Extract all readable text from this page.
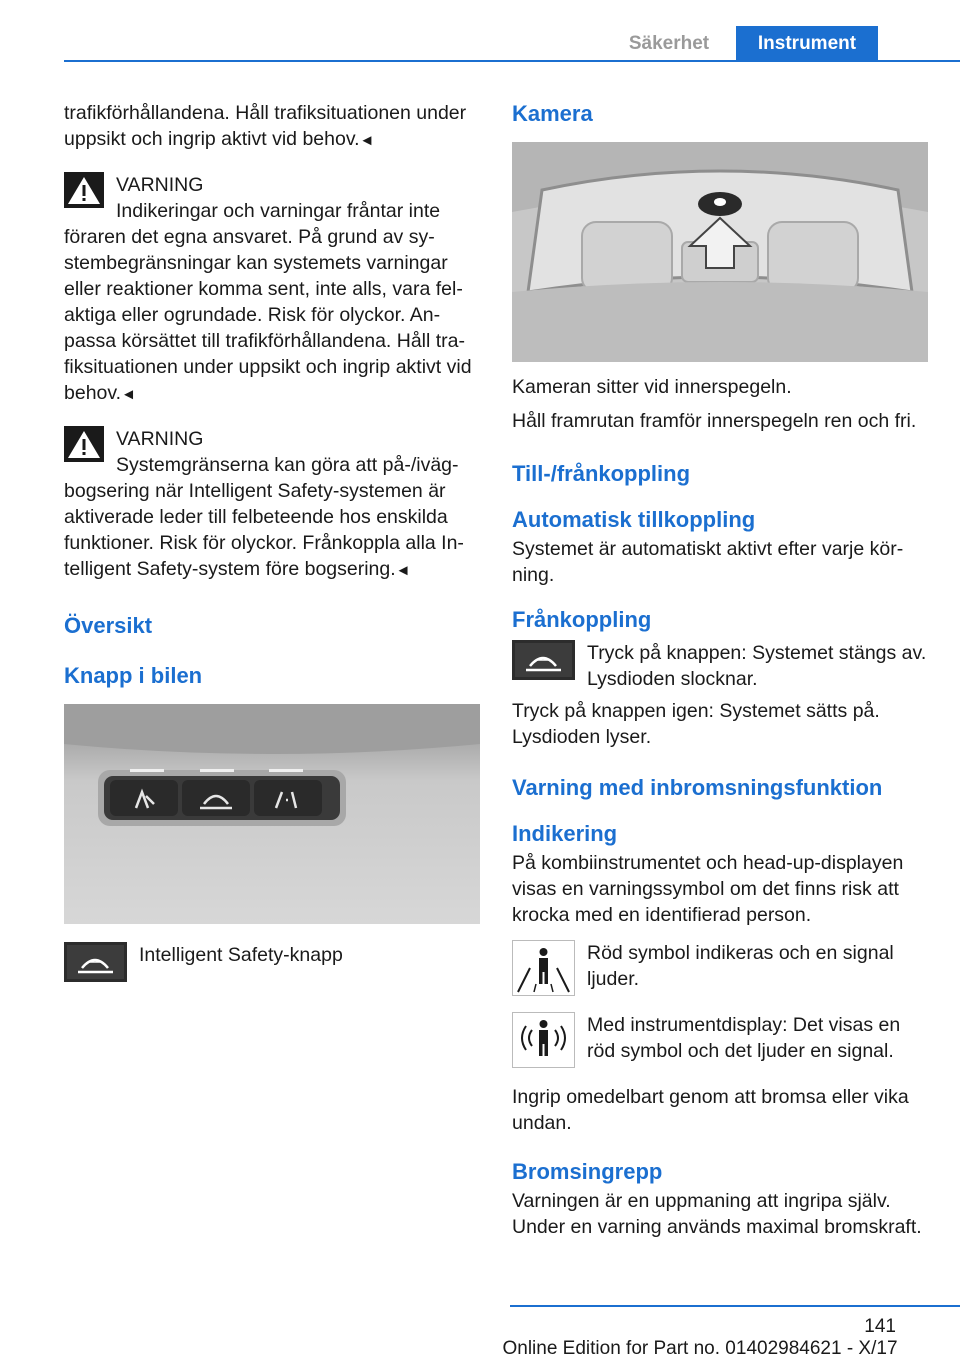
Säkerhet	Instrument

trafikförhållandena. Håll trafiksituationen under uppsikt och ingrip aktivt vid behov.◄

VARNING
Indikeringar och varningar fråntar inte föraren det egna ansvaret. På grund av sy-stembegränsningar kan systemets varningar eller reaktioner komma sent, inte alls, vara fel-aktiga eller ogrundade. Risk för olyckor. An-passa körsättet till trafikförhållandena. Håll tra-fiksituationen under uppsikt och ingrip aktivt vid behov.◄
VARNING
Systemgränserna kan göra att på-/iväg-bogsering när Intelligent Safety-systemen är aktiverade leder till felbeteende hos enskilda funktioner. Risk för olyckor. Frånkoppla alla In-telligent Safety-system före bogsering.◄
Översikt
Knapp i bilen
Intelligent Safety-knapp
Kamera

Kameran sitter vid innerspegeln.

Håll framrutan framför innerspegeln ren och fri.

Till-/frånkoppling
Automatisk tillkoppling

Systemet är automatiskt aktivt efter varje kör-ning.

Frånkoppling
Tryck på knappen: Systemet stängs av. Lysdioden slocknar.

Tryck på knappen igen: Systemet sätts på. Lysdioden lyser.

Varning med inbromsningsfunktion
Indikering

På kombiinstrumentet och head-up-displayen visas en varningssymbol om det finns risk att krocka med en identifierad person.

Röd symbol indikeras och en signal ljuder.
Med instrumentdisplay: Det visas en röd symbol och det ljuder en signal.

Ingrip omedelbart genom att bromsa eller vika undan.

Bromsingrepp

Varningen är en uppmaning att ingripa själv. Under en varning används maximal bromskraft.

141
Online Edition for Part no. 01402984621 - X/17
